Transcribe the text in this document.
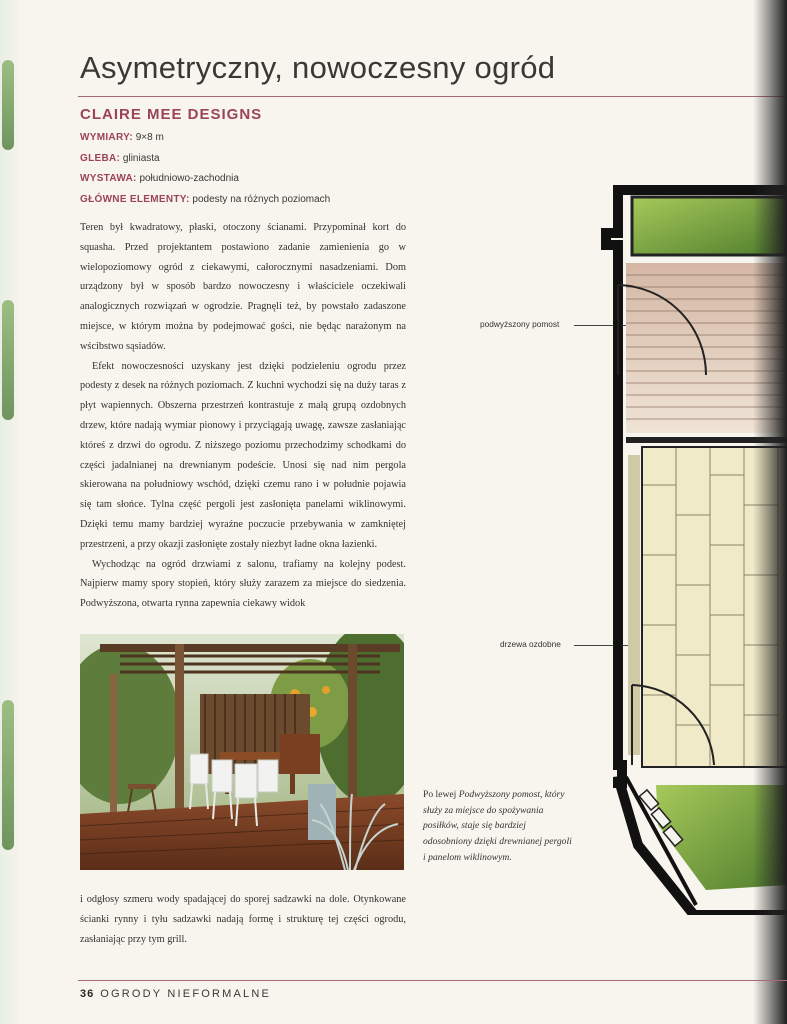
Asymetryczny, nowoczesny ogród
CLAIRE MEE DESIGNS
WYMIARY: 9×8 m
GLEBA: gliniasta
WYSTAWA: południowo-zachodnia
GŁÓWNE ELEMENTY: podesty na różnych poziomach

Teren był kwadratowy, płaski, otoczony ścianami. Przypominał kort do squasha. Przed projektantem postawiono zadanie zamienienia go w wielopoziomowy ogród z ciekawymi, całorocznymi nasadzeniami. Dom urządzony był w sposób bardzo nowoczesny i właściciele oczekiwali analogicznych rozwiązań w ogrodzie. Pragnęli też, by powstało zadaszone miejsce, w którym można by podejmować gości, nie będąc narażonym na wścibstwo sąsiadów.

Efekt nowoczesności uzyskany jest dzięki podzieleniu ogrodu przez podesty z desek na różnych poziomach. Z kuchni wychodzi się na duży taras z płyt wapiennych. Obszerna przestrzeń kontrastuje z małą grupą ozdobnych drzew, które nadają wymiar pionowy i przyciągają uwagę, zawsze zasłaniając któreś z drzwi do ogrodu. Z niższego poziomu przechodzimy schodkami do części jadalnianej na drewnianym podeście. Unosi się nad nim pergola skierowana na południowy wschód, dzięki czemu rano i w południe pojawia się tam słońce. Tylna część pergoli jest zasłonięta panelami wiklinowymi. Dzięki temu mamy bardziej wyraźne poczucie przebywania w zamkniętej przestrzeni, a przy okazji zasłonięte zostały niezbyt ładne okna łazienki.

Wychodząc na ogród drzwiami z salonu, trafiamy na kolejny podest. Najpierw mamy spory stopień, który służy zarazem za miejsce do siedzenia. Podwyższona, otwarta rynna zapewnia ciekawy widok

i odgłosy szmeru wody spadającej do sporej sadzawki na dole. Otynkowane ścianki rynny i tyłu sadzawki nadają formę i strukturę tej części ogrodu, zasłaniając przy tym grill.

Po lewej Podwyższony pomost, który służy za miejsce do spożywania posiłków, staje się bardziej odosobniony dzięki drewnianej pergoli i panelom wiklinowym.
podwyższony pomost
drzewa ozdobne
36 OGRODY NIEFORMALNE
